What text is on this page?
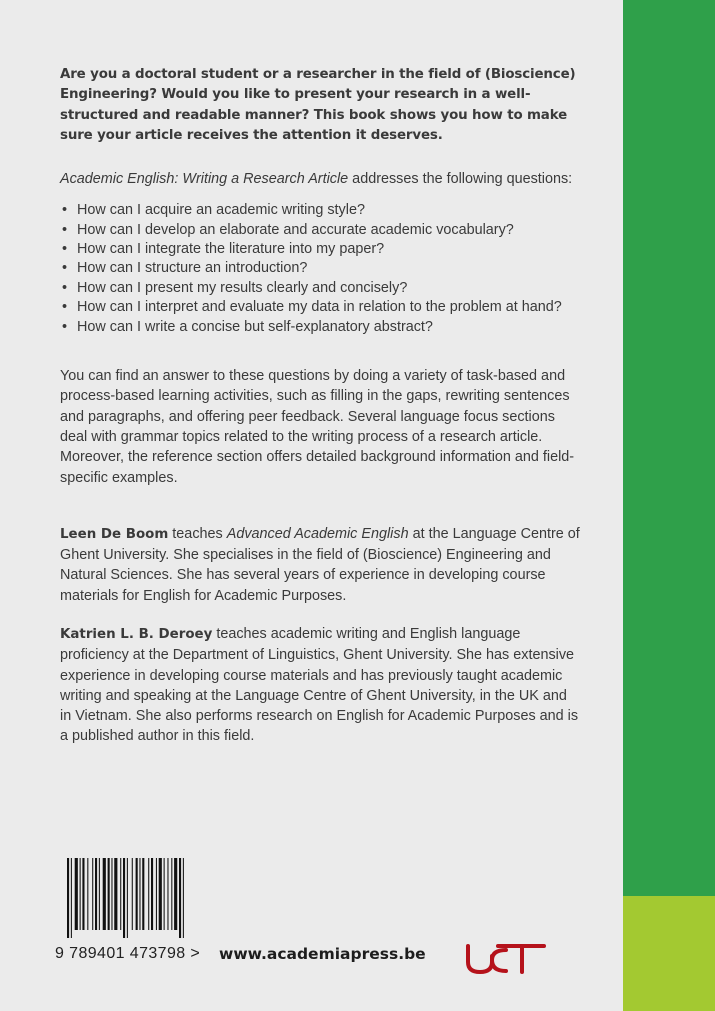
Are you a doctoral student or a researcher in the field of (Bioscience) Engineering? Would you like to present your research in a well-structured and readable manner? This book shows you how to make sure your article receives the attention it deserves.

Academic English: Writing a Research Article addresses the following questions:

• How can I acquire an academic writing style?
• How can I develop an elaborate and accurate academic vocabulary?
• How can I integrate the literature into my paper?
• How can I structure an introduction?
• How can I present my results clearly and concisely?
• How can I interpret and evaluate my data in relation to the problem at hand?
• How can I write a concise but self-explanatory abstract?

You can find an answer to these questions by doing a variety of task-based and process-based learning activities, such as filling in the gaps, rewriting sentences and paragraphs, and offering peer feedback. Several language focus sections deal with grammar topics related to the writing process of a research article. Moreover, the reference section offers detailed background information and field-specific examples.

Leen De Boom teaches Advanced Academic English at the Language Centre of Ghent University. She specialises in the field of (Bioscience) Engineering and Natural Sciences. She has several years of experience in developing course materials for English for Academic Purposes.

Katrien L. B. Deroey teaches academic writing and English language proficiency at the Department of Linguistics, Ghent University. She has extensive experience in developing course materials and has previously taught academic writing and speaking at the Language Centre of Ghent University, in the UK and in Vietnam. She also performs research on English for Academic Purposes and is a published author in this field.

9 789401 473798 > www.academiapress.be
